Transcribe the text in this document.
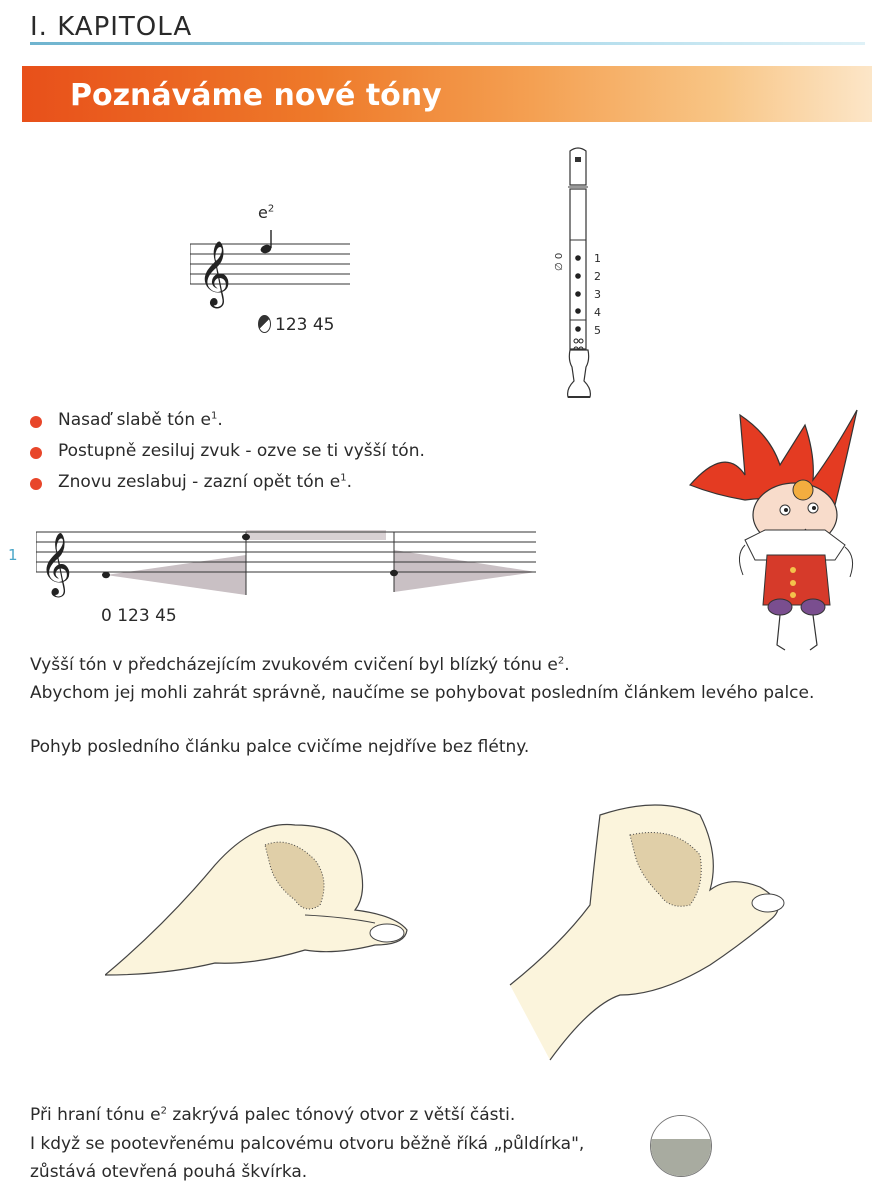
I. KAPITOLA
Poznáváme nové tóny
𝄞
$e^2$
123 45
∅ 0	1
2
3
4
5
Nasaď slabě tón $e^1$.
Postupně zesiluj zvuk - ozve se ti vyšší tón.
Znovu zeslabuj - zazní opět tón $e^1$.
1 𝄞
0 123 45
Vyšší tón v předcházejícím zvukovém cvičení byl blízký tónu $e^2$.
Abychom jej mohli zahrát správně, naučíme se pohybovat posledním článkem levého palce.
Pohyb posledního článku palce cvičíme nejdříve bez flétny.
Při hraní tónu $e^2$ zakrývá palec tónový otvor z větší části.
I když se pootevřenému palcovému otvoru běžně říká „půldírka",
zůstává otevřená pouhá škvírka.
